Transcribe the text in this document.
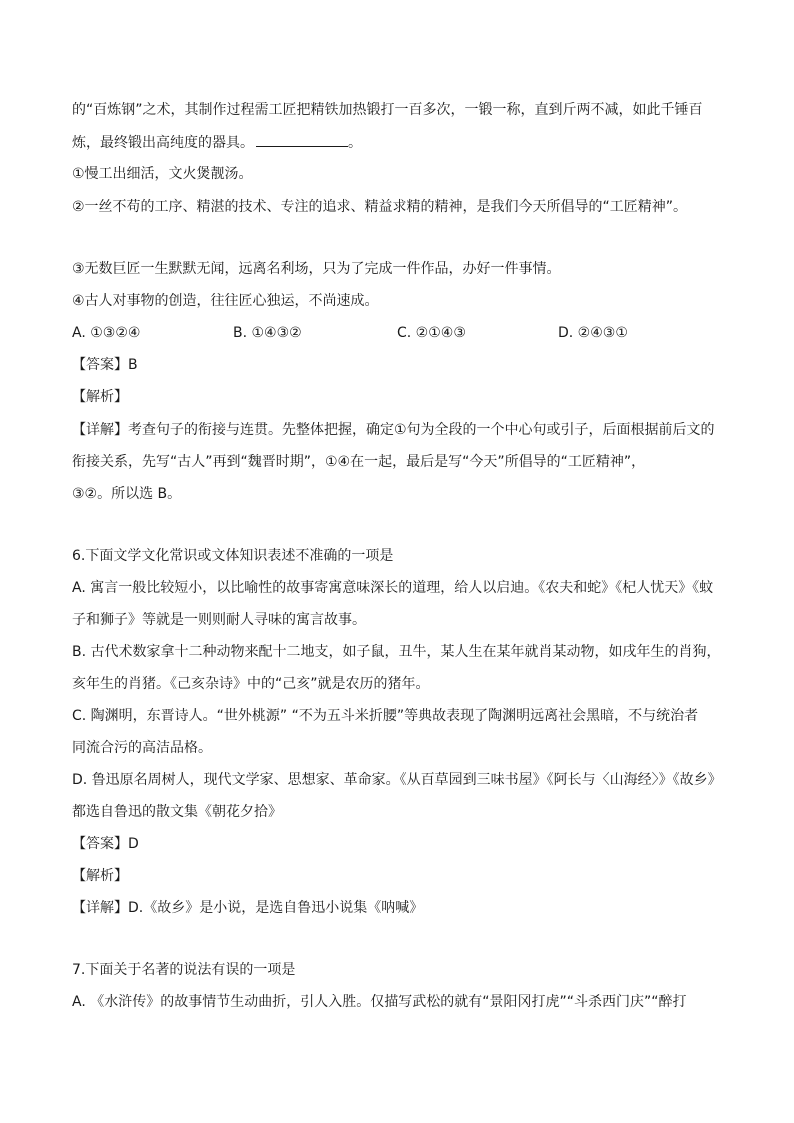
的“百炼钢”之术，其制作过程需工匠把精铁加热锻打一百多次，一锻一称，直到斤两不减，如此千锤百
炼，最终锻出高纯度的器具。	。
①慢工出细活，文火煲靓汤。
②一丝不苟的工序、精湛的技术、专注的追求、精益求精的精神，是我们今天所倡导的“工匠精神”。
③无数巨匠一生默默无闻，远离名利场，只为了完成一件作品，办好一件事情。
④古人对事物的创造，往往匠心独运，不尚速成。
A. ①③②④	B. ①④③②	C. ②①④③	D. ②④③①
【答案】B
【解析】
【详解】考查句子的衔接与连贯。先整体把握，确定①句为全段的一个中心句或引子，后面根据前后文的
衔接关系，先写“古人”再到“魏晋时期”，①④在一起，最后是写“今天”所倡导的“工匠精神”，
③②。所以选 B。
6.下面文学文化常识或文体知识表述不准确的一项是
A. 寓言一般比较短小，以比喻性的故事寄寓意味深长的道理，给人以启迪。《农夫和蛇》《杞人忧天》《蚊
子和狮子》等就是一则则耐人寻味的寓言故事。
B. 古代术数家拿十二种动物来配十二地支，如子鼠，丑牛，某人生在某年就肖某动物，如戌年生的肖狗，
亥年生的肖猪。《己亥杂诗》中的“己亥”就是农历的猪年。
C. 陶渊明，东晋诗人。“世外桃源” “不为五斗米折腰”等典故表现了陶渊明远离社会黑暗，不与统治者
同流合污的高洁品格。
D. 鲁迅原名周树人，现代文学家、思想家、革命家。《从百草园到三味书屋》《阿长与〈山海经〉》《故乡》
都选自鲁迅的散文集《朝花夕拾》
【答案】D
【解析】
【详解】D.《故乡》是小说，是选自鲁迅小说集《呐喊》
7.下面关于名著的说法有误的一项是
A. 《水浒传》的故事情节生动曲折，引人入胜。仅描写武松的就有“景阳冈打虎”“斗杀西门庆”“醉打
